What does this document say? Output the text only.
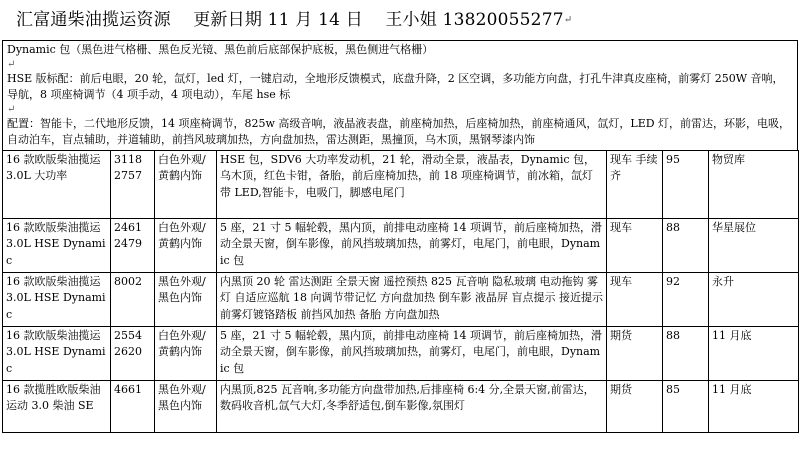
汇富通柴油揽运资源 更新日期 11 月 14 日 王小姐 13820055277↵

Dynamic 包（黑色进气格栅、黑色反光镜、黑色前后底部保护底板，黑色侧进气格栅）

↵

HSE 版标配：前后电眼，20 轮，氙灯，led 灯，一键启动，全地形反馈模式，底盘升降，2 区空调，多功能方向盘，打孔牛津真皮座椅，前雾灯 250W 音响，导航，8 项座椅调节（4 项手动，4 项电动），车尾 hse 标

↵

配置：智能卡，二代地形反馈，14 项座椅调节，825w 高级音响，液晶液表盘，前座椅加热，后座椅加热，前座椅通风，氙灯，LED 灯，前雷达，环影，电吸，自动泊车，盲点辅助，并道辅助，前挡风玻璃加热，方向盘加热，雷达测距，黑撞顶，乌木顶，黑钢琴漆内饰

16 款欧版柴油揽运 3.0L 大功率	3118 2757	白色外观/黄鹤内饰	HSE 包，SDV6 大功率发动机，21 轮，滑动全景，液晶表，Dynamic 包，乌木顶，红色卡钳，备胎，前后座椅加热，前 18 项座椅调节，前冰箱，氙灯带 LED,智能卡，电吸门，脚感电尾门	现车 手续齐	95	物贸库
16 款欧版柴油揽运 3.0L HSE Dynamic	2461 2479	白色外观/黄鹤内饰	5 座，21 寸 5 幅轮毂，黑内顶，前排电动座椅 14 项调节，前后座椅加热，滑动全景天窗，倒车影像，前风挡玻璃加热，前雾灯，电尾门，前电眼，Dynamic 包	现车	88	华星展位
16 款欧版柴油揽运 3.0L HSE Dynamic	8002	黑色外观/黑色内饰	内黑顶 20 轮 雷达测距 全景天窗 遥控预热 825 瓦音响 隐私玻璃 电动拖钩 雾灯 自适应巡航 18 向调节带记忆 方向盘加热 倒车影 液晶屏 盲点提示 接近提示 前雾灯镀铬踏板 前挡风加热 备胎 方向盘加热	现车	92	永升
16 款欧版柴油揽运 3.0L HSE Dynamic	2554 2620	白色外观/黄鹤内饰	5 座，21 寸 5 幅轮毂，黑内顶，前排电动座椅 14 项调节，前后座椅加热，滑动全景天窗，倒车影像，前风挡玻璃加热，前雾灯，电尾门，前电眼，Dynamic 包	期货	88	11 月底
16 款揽胜欧版柴油运动 3.0 柴油 SE	4661	黑色外观/黑色内饰	内黑顶,825 瓦音响,多功能方向盘带加热,后排座椅 6:4 分,全景天窗,前雷达，数码收音机,氙气大灯,冬季舒适包,倒车影像,氛围灯	期货	85	11 月底
